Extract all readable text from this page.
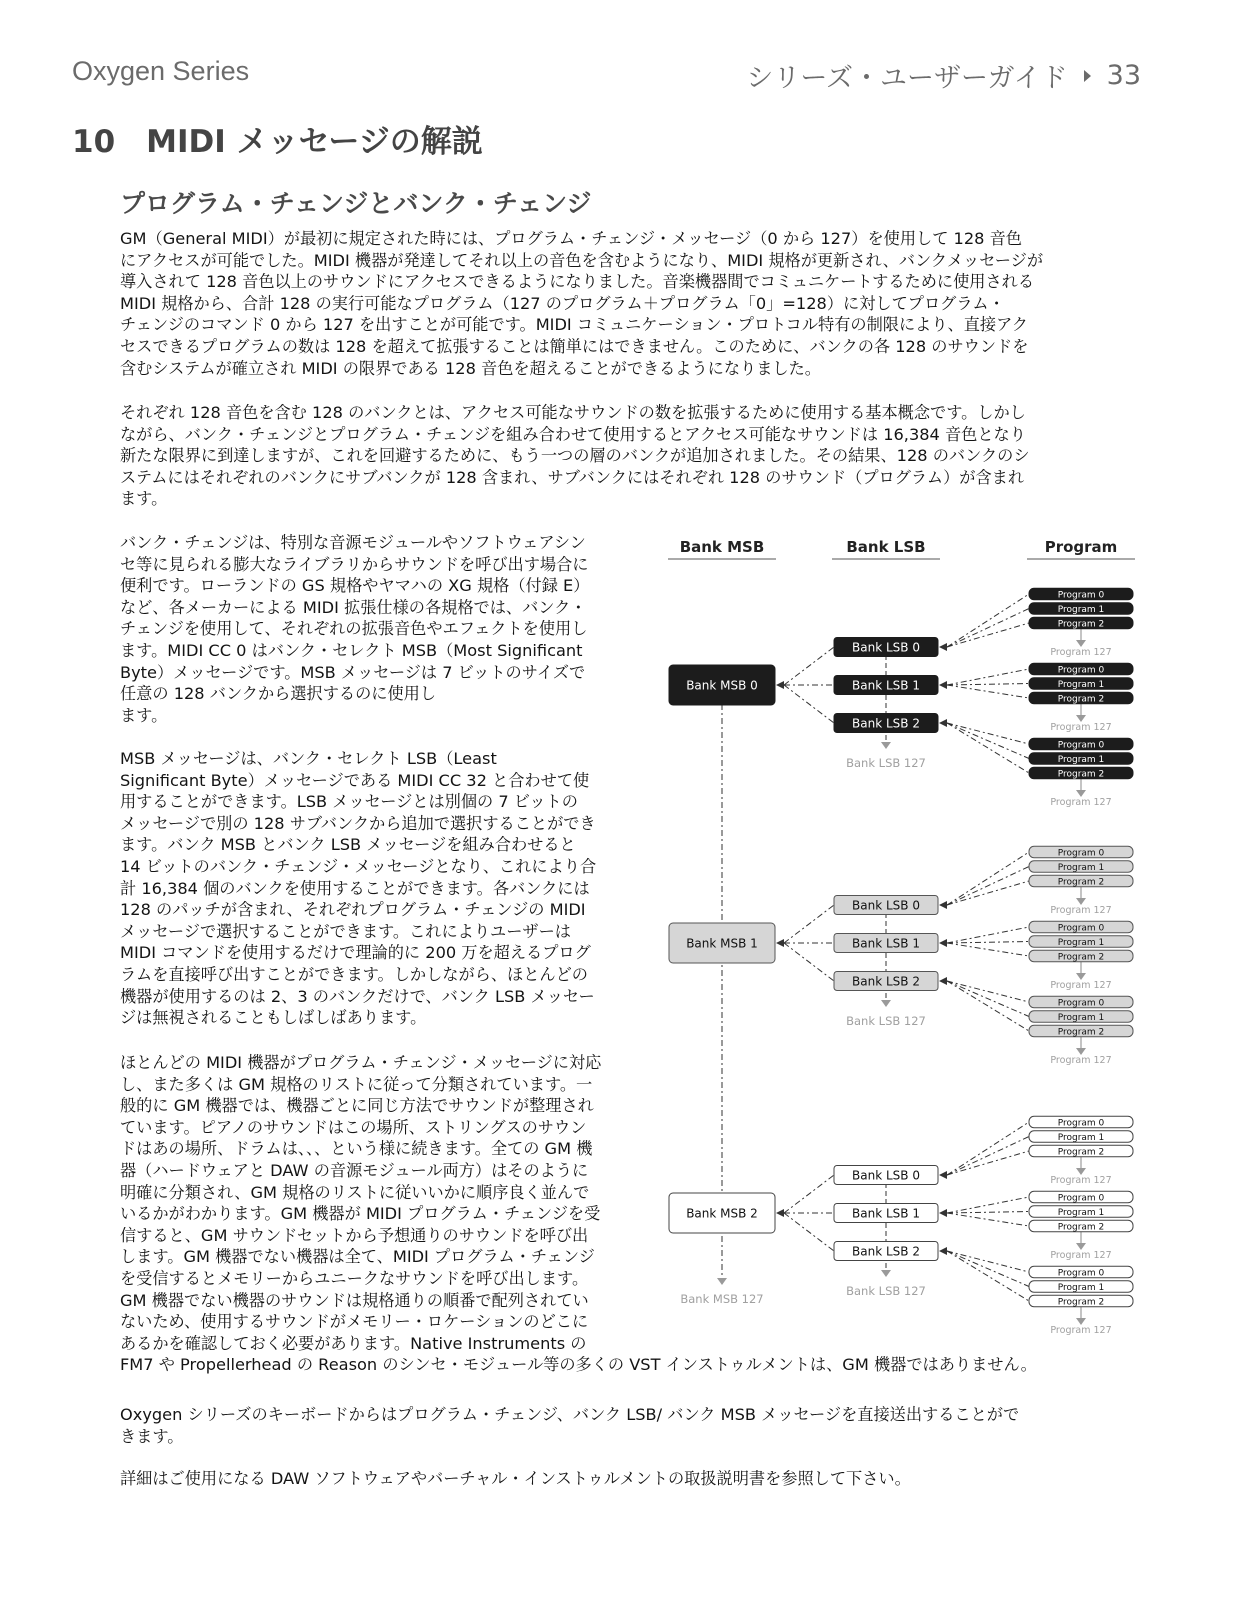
Oxygen Series	シリーズ・ユーザーガイド 33
10　MIDI メッセージの解説
プログラム・チェンジとバンク・チェンジ
GM（General MIDI）が最初に規定された時には、プログラム・チェンジ・メッセージ（0 から 127）を使用して 128 音色
にアクセスが可能でした。MIDI 機器が発達してそれ以上の音色を含むようになり、MIDI 規格が更新され、バンクメッセージが
導入されて 128 音色以上のサウンドにアクセスできるようになりました。音楽機器間でコミュニケートするために使用される
MIDI 規格から、合計 128 の実行可能なプログラム（127 のプログラム＋プログラム「0」=128）に対してプログラム・
チェンジのコマンド 0 から 127 を出すことが可能です。MIDI コミュニケーション・プロトコル特有の制限により、直接アク
セスできるプログラムの数は 128 を超えて拡張することは簡単にはできません。このために、バンクの各 128 のサウンドを
含むシステムが確立され MIDI の限界である 128 音色を超えることができるようになりました。
それぞれ 128 音色を含む 128 のバンクとは、アクセス可能なサウンドの数を拡張するために使用する基本概念です。しかし
ながら、バンク・チェンジとプログラム・チェンジを組み合わせて使用するとアクセス可能なサウンドは 16,384 音色となり
新たな限界に到達しますが、これを回避するために、もう一つの層のバンクが追加されました。その結果、128 のバンクのシ
ステムにはそれぞれのバンクにサブバンクが 128 含まれ、サブバンクにはそれぞれ 128 のサウンド（プログラム）が含まれ
ます。
バンク・チェンジは、特別な音源モジュールやソフトウェアシン
セ等に見られる膨大なライブラリからサウンドを呼び出す場合に
便利です。ローランドの GS 規格やヤマハの XG 規格（付録 E）
など、各メーカーによる MIDI 拡張仕様の各規格では、バンク・
チェンジを使用して、それぞれの拡張音色やエフェクトを使用し
ます。MIDI CC 0 はバンク・セレクト MSB（Most Significant
Byte）メッセージです。MSB メッセージは 7 ビットのサイズで
任意の 128 バンクから選択するのに使用し
ます。
MSB メッセージは、バンク・セレクト LSB（Least
Significant Byte）メッセージである MIDI CC 32 と合わせて使
用することができます。LSB メッセージとは別個の 7 ビットの
メッセージで別の 128 サブバンクから追加で選択することができ
ます。バンク MSB とバンク LSB メッセージを組み合わせると
14 ビットのバンク・チェンジ・メッセージとなり、これにより合
計 16,384 個のバンクを使用することができます。各バンクには
128 のパッチが含まれ、それぞれプログラム・チェンジの MIDI
メッセージで選択することができます。これによりユーザーは
MIDI コマンドを使用するだけで理論的に 200 万を超えるプログ
ラムを直接呼び出すことができます。しかしながら、ほとんどの
機器が使用するのは 2、3 のバンクだけで、バンク LSB メッセー
ジは無視されることもしばしばあります。
ほとんどの MIDI 機器がプログラム・チェンジ・メッセージに対応
し、また多くは GM 規格のリストに従って分類されています。一
般的に GM 機器では、機器ごとに同じ方法でサウンドが整理され
ています。ピアノのサウンドはこの場所、ストリングスのサウン
ドはあの場所、ドラムは、、、という様に続きます。全ての GM 機
器（ハードウェアと DAW の音源モジュール両方）はそのように
明確に分類され、GM 規格のリストに従いいかに順序良く並んで
いるかがわかります。GM 機器が MIDI プログラム・チェンジを受
信すると、GM サウンドセットから予想通りのサウンドを呼び出
します。GM 機器でない機器は全て、MIDI プログラム・チェンジ
を受信するとメモリーからユニークなサウンドを呼び出します。
GM 機器でない機器のサウンドは規格通りの順番で配列されてい
ないため、使用するサウンドがメモリー・ロケーションのどこに
あるかを確認しておく必要があります。Native Instruments の
FM7 や Propellerhead の Reason のシンセ・モジュール等の多くの VST インストゥルメントは、GM 機器ではありません。
Oxygen シリーズのキーボードからはプログラム・チェンジ、バンク LSB/ バンク MSB メッセージを直接送出することがで
きます。
詳細はご使用になる DAW ソフトウェアやバーチャル・インストゥルメントの取扱説明書を参照して下さい。
Bank MSB	Bank LSB	Program
Bank MSB 127
Bank LSB 127
Bank MSB 0
Bank LSB 0	Program 127
Program 0
Program 1
Program 2
Bank LSB 1
Program 127
Program 0
Program 1
Program 2
Bank LSB 2
Program 127
Program 0
Program 1
Program 2
Bank LSB 127
Bank MSB 1
Bank LSB 0	Program 127
Program 0
Program 1
Program 2
Bank LSB 1
Program 127
Program 0
Program 1
Program 2
Bank LSB 2
Program 127
Program 0
Program 1
Program 2
Bank LSB 127
Bank MSB 2
Bank LSB 0	Program 127
Program 0
Program 1
Program 2
Bank LSB 1
Program 127
Program 0
Program 1
Program 2
Bank LSB 2
Program 127
Program 0
Program 1
Program 2
